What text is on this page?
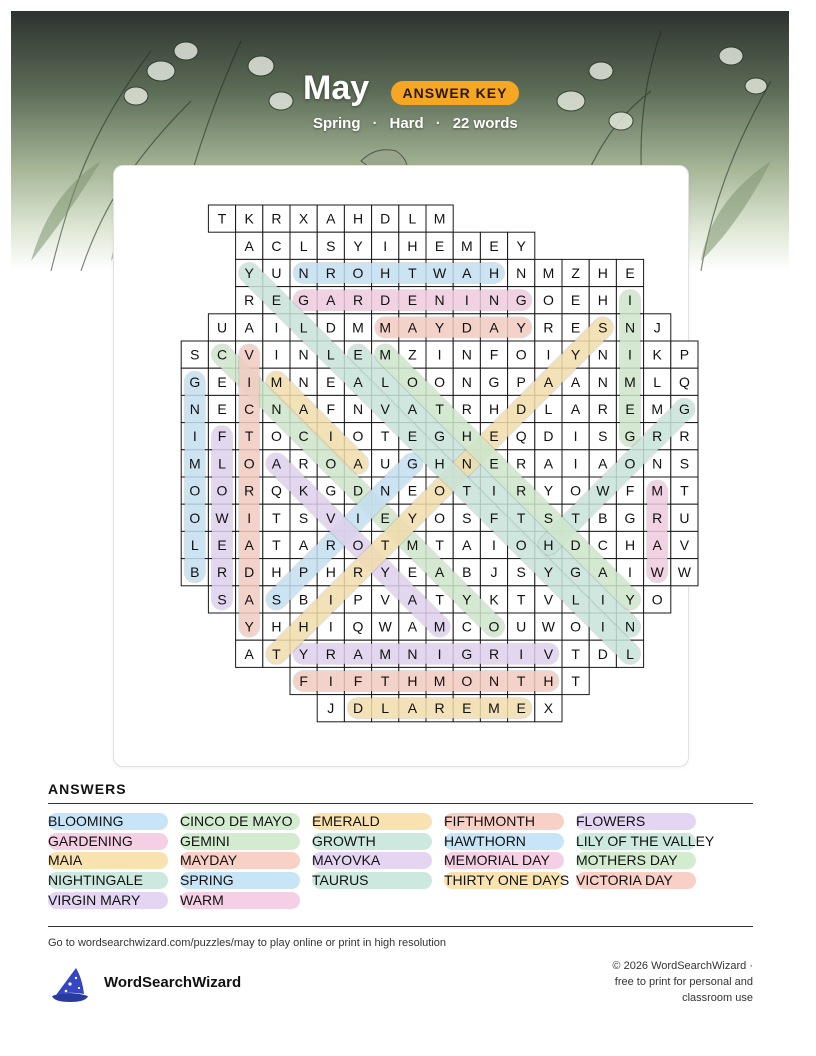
May	ANSWER KEY
Spring · Hard · 22 words
T K R X A H D L M
A C L S Y I H E M E Y
Y U N R O H T W A H N M Z H E
R E G A R D E N I N G O E H I
U A I L D M M A Y D A Y R E S N J
S C V I N L E M Z I N F O I Y N I K P
G E I M N E A L O O N G P A A N M L Q
N E C N A F N V A T R H D L A R E M G
I F T O C I O T E G H E Q D I S G R R
M L O A R O A U G H N E R A I A O N S
O O R Q K G D N E O T I R Y O W F M T
O W I T S V I E Y O S F T S T B G R U
L E A T A R O T M T A I O H D C H A V
B R D H P H R Y E A B J S Y G A I W W
S A S B I P V A T Y K T V L I Y O
Y H H I Q W A M C O U W O I N
A T Y R A M N I G R I V T D L
F I F T H M O N T H T
J D L A R E M E X
ANSWERS
BLOOMING	CINCO DE MAYO	EMERALD	FIFTHMONTH	FLOWERS
GARDENING	GEMINI	GROWTH	HAWTHORN	LILY OF THE VALLEY
MAIA	MAYDAY	MAYOVKA	MEMORIAL DAY	MOTHERS DAY
NIGHTINGALE	SPRING	TAURUS	THIRTY ONE DAYS VICTORIA DAY
VIRGIN MARY	WARM
Go to wordsearchwizard.com/puzzles/may to play online or print in high resolution
WordSearchWizard
© 2026 WordSearchWizard ·
free to print for personal and
classroom use
